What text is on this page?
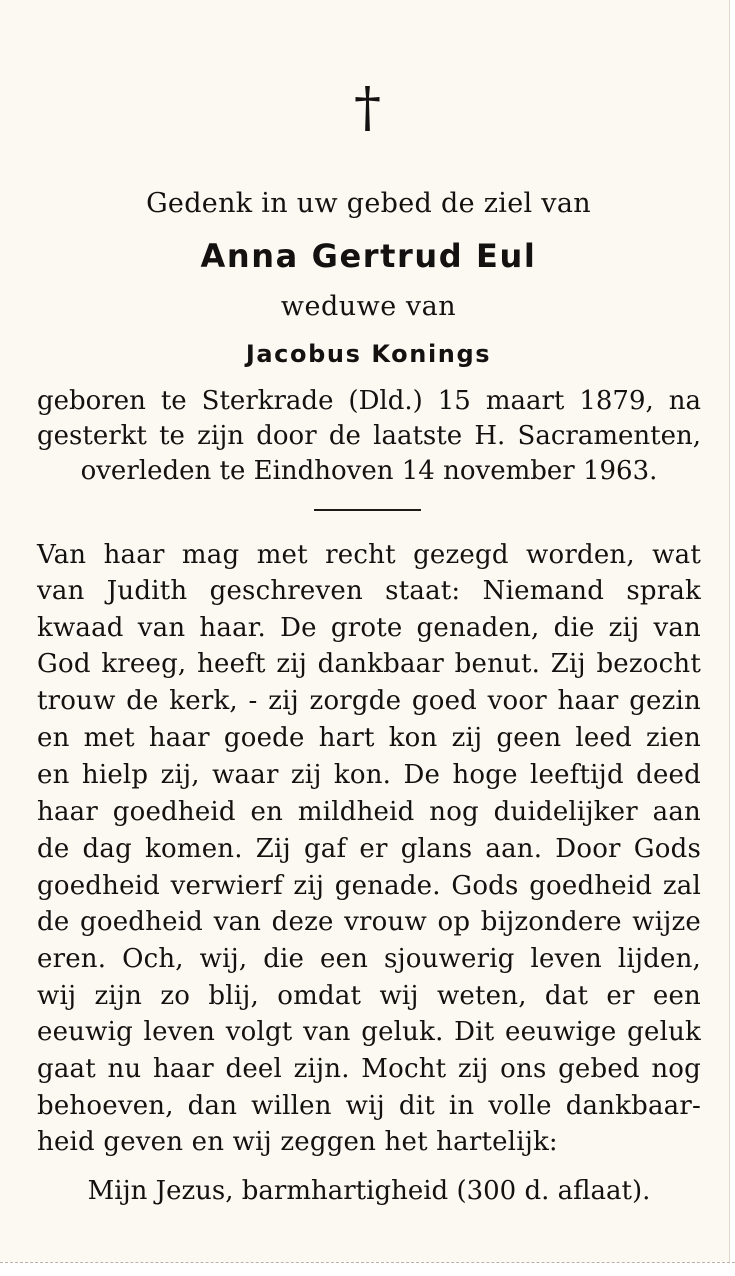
†
Gedenk in uw gebed de ziel van
Anna Gertrud Eul
weduwe van
Jacobus Konings
geboren te Sterkrade (Dld.) 15 maart 1879, na
gesterkt te zijn door de laatste H. Sacramenten,
overleden te Eindhoven 14 november 1963.
Van haar mag met recht gezegd worden, wat
van Judith geschreven staat: Niemand sprak
kwaad van haar. De grote genaden, die zij van
God kreeg, heeft zij dankbaar benut. Zij bezocht
trouw de kerk, - zij zorgde goed voor haar gezin
en met haar goede hart kon zij geen leed zien
en hielp zij, waar zij kon. De hoge leeftijd deed
haar goedheid en mildheid nog duidelijker aan
de dag komen. Zij gaf er glans aan. Door Gods
goedheid verwierf zij genade. Gods goedheid zal
de goedheid van deze vrouw op bijzondere wijze
eren. Och, wij, die een sjouwerig leven lijden,
wij zijn zo blij, omdat wij weten, dat er een
eeuwig leven volgt van geluk. Dit eeuwige geluk
gaat nu haar deel zijn. Mocht zij ons gebed nog
behoeven, dan willen wij dit in volle dankbaar-
heid geven en wij zeggen het hartelijk:
Mijn Jezus, barmhartigheid (300 d. aflaat).
